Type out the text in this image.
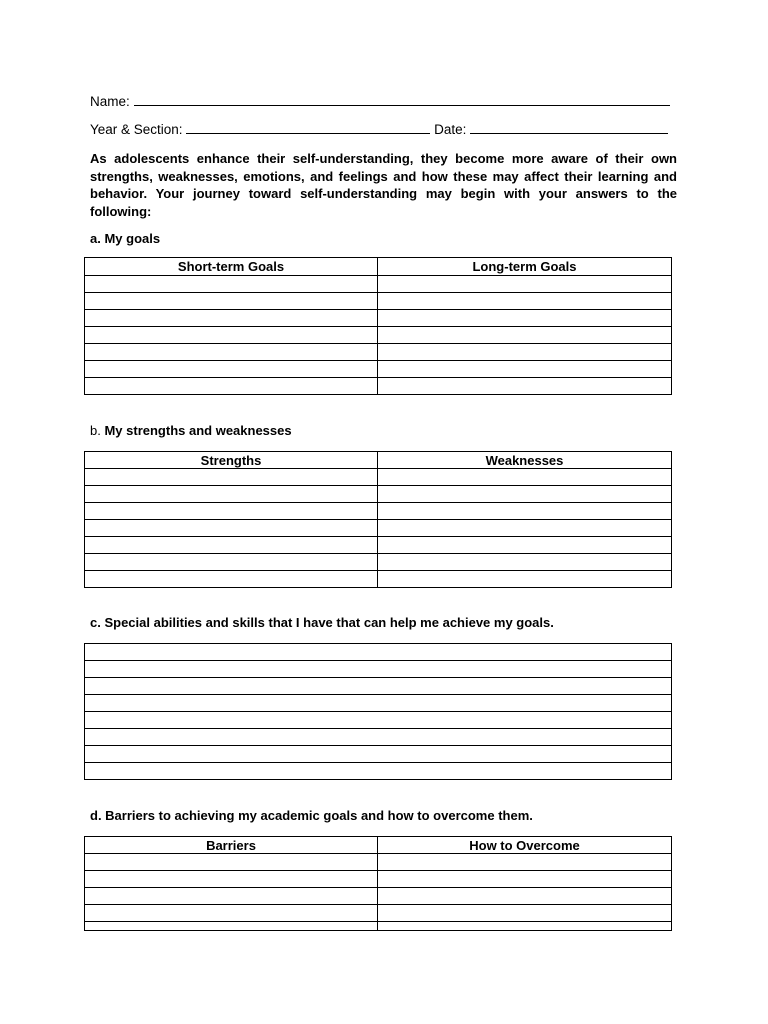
Name:
Year & Section:	Date:
As adolescents enhance their self-understanding, they become more aware of their own strengths, weaknesses, emotions, and feelings and how these may affect their learning and behavior. Your journey toward self-understanding may begin with your answers to the following:
a. My goals
Short-term Goals	Long-term Goals

b. My strengths and weaknesses
Strengths	Weaknesses

c. Special abilities and skills that I have that can help me achieve my goals.

d. Barriers to achieving my academic goals and how to overcome them.
Barriers	How to Overcome
